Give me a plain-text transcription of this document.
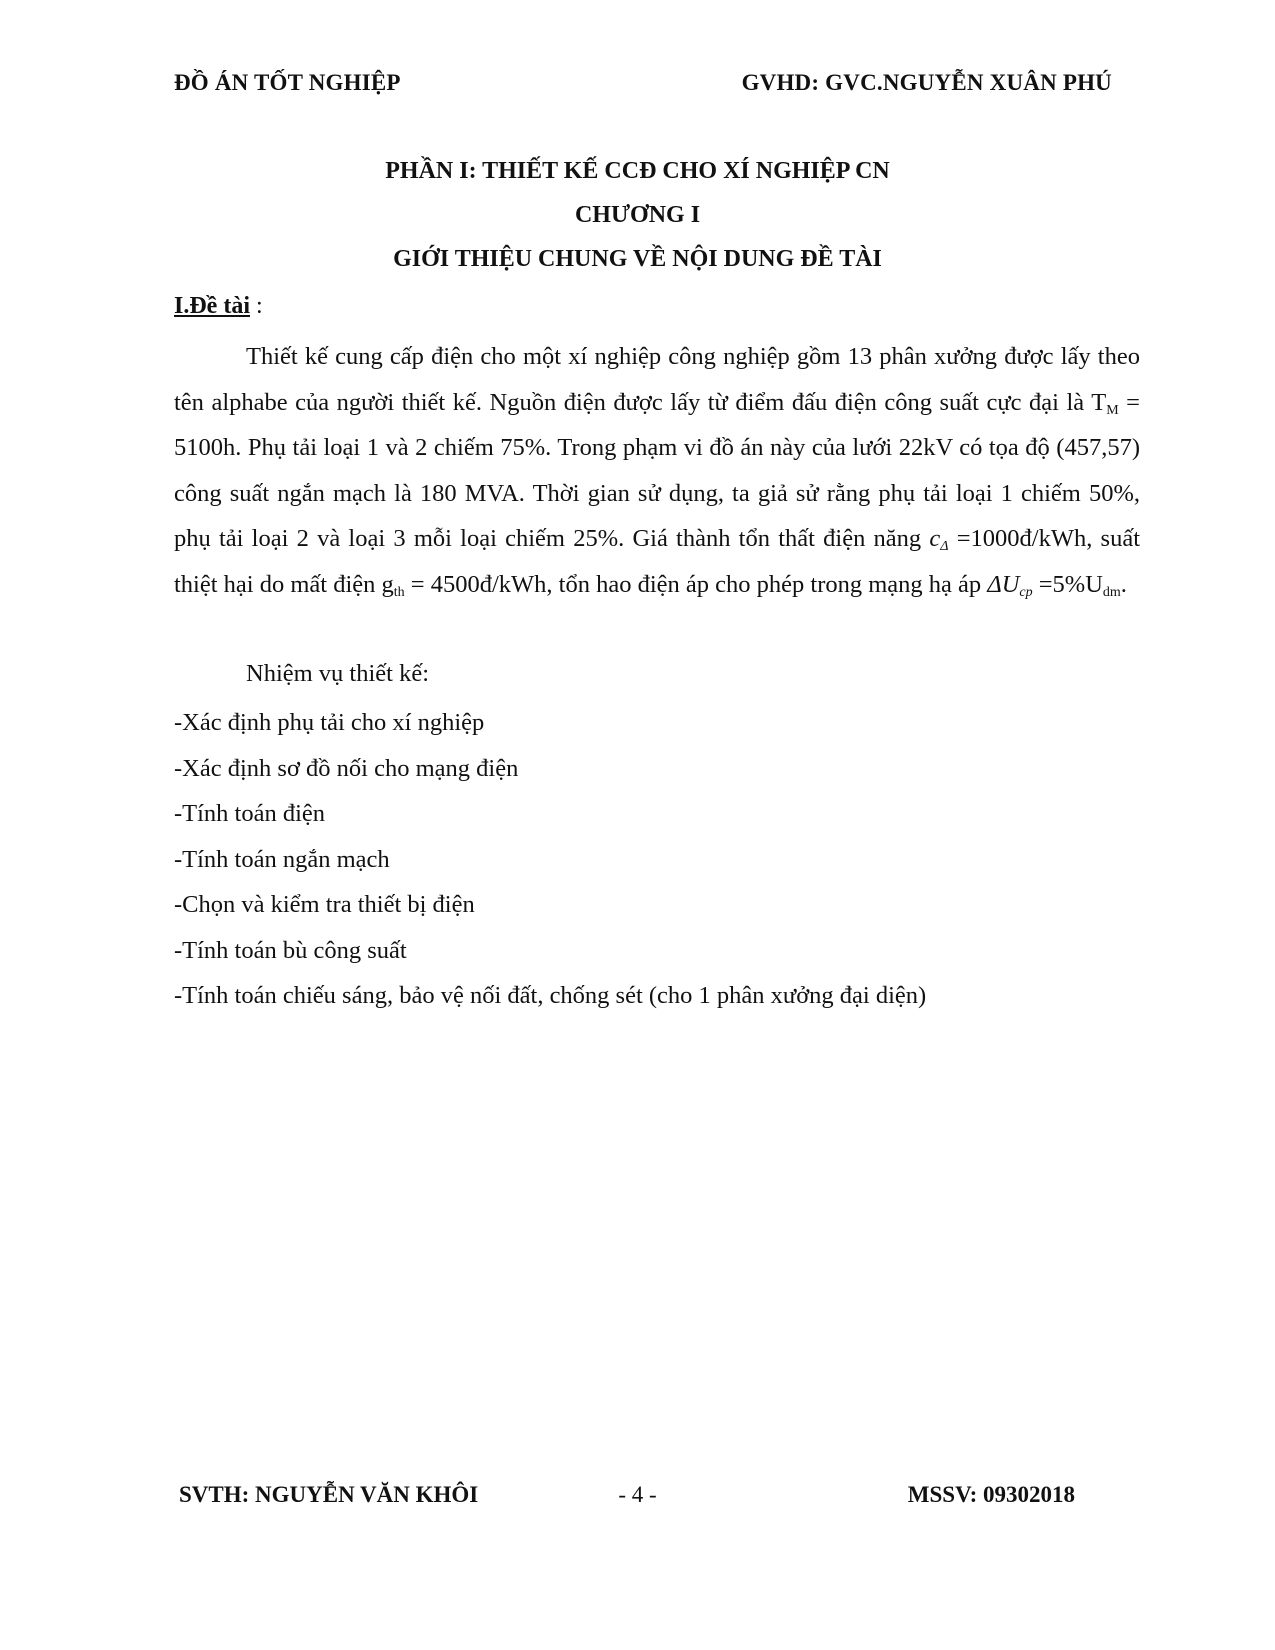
ĐỒ ÁN TỐT NGHIỆP	GVHD: GVC.NGUYỄN XUÂN PHÚ
PHẦN I: THIẾT KẾ CCĐ CHO XÍ NGHIỆP CN
CHƯƠNG I
GIỚI THIỆU CHUNG VỀ NỘI DUNG ĐỀ TÀI
I.Đề tài :

Thiết kế cung cấp điện cho một xí nghiệp công nghiệp gồm 13 phân xưởng được lấy theo tên alphabe của người thiết kế. Nguồn điện được lấy từ điểm đấu điện công suất cực đại là $T_M = 5100h$. Phụ tải loại 1 và 2 chiếm 75%. Trong phạm vi đồ án này của lưới 22kV có tọa độ (457,57) công suất ngắn mạch là 180 MVA. Thời gian sử dụng, ta giả sử rằng phụ tải loại 1 chiếm 50%, phụ tải loại 2 và loại 3 mỗi loại chiếm 25%. Giá thành tổn thất điện năng $c_\Delta$ =1000đ/kWh, suất thiệt hại do mất điện $g_{th}$ = 4500đ/kWh, tổn hao điện áp cho phép trong mạng hạ áp $\Delta U_{cp} =5\%U_{dm}$.

Nhiệm vụ thiết kế:
-Xác định phụ tải cho xí nghiệp
-Xác định sơ đồ nối cho mạng điện
-Tính toán điện
-Tính toán ngắn mạch
-Chọn và kiểm tra thiết bị điện
-Tính toán bù công suất
-Tính toán chiếu sáng, bảo vệ nối đất, chống sét (cho 1 phân xưởng đại diện)
SVTH: NGUYỄN VĂN KHÔI	- 4 -	MSSV: 09302018
